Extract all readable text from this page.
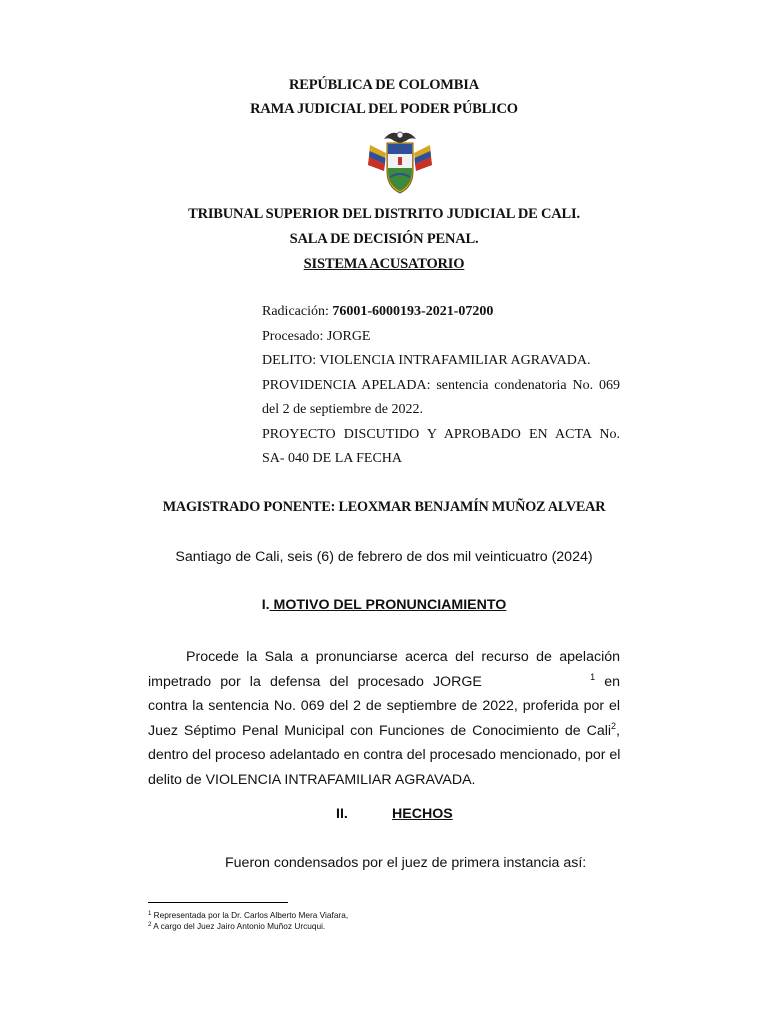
REPÚBLICA DE COLOMBIA
RAMA JUDICIAL DEL PODER PÚBLICO
TRIBUNAL SUPERIOR DEL DISTRITO JUDICIAL DE CALI.
SALA DE DECISIÓN PENAL.
SISTEMA ACUSATORIO
Radicación: 76001-6000193-2021-07200
Procesado: JORGE
DELITO: VIOLENCIA INTRAFAMILIAR AGRAVADA.
PROVIDENCIA APELADA: sentencia condenatoria No. 069
del 2 de septiembre de 2022.
PROYECTO DISCUTIDO Y APROBADO EN ACTA No.
SA- 040 DE LA FECHA
MAGISTRADO PONENTE: LEOXMAR BENJAMÍN MUÑOZ ALVEAR
Santiago de Cali, seis (6) de febrero de dos mil veinticuatro (2024)
I. MOTIVO DEL PRONUNCIAMIENTO
Procede la Sala a pronunciarse acerca del recurso de apelación
impetrado por la defensa del procesado JORGE	$^1$ en
contra la sentencia No. 069 del 2 de septiembre de 2022, proferida por el
Juez Séptimo Penal Municipal con Funciones de Conocimiento de Cali$^2$,
dentro del proceso adelantado en contra del procesado mencionado, por el
delito de VIOLENCIA INTRAFAMILIAR AGRAVADA.
II.	HECHOS
Fueron condensados por el juez de primera instancia así:
$^1$ Representada por la Dr. Carlos Alberto Mera Viafara,
$^2$ A cargo del Juez Jairo Antonio Muñoz Urcuqui.
